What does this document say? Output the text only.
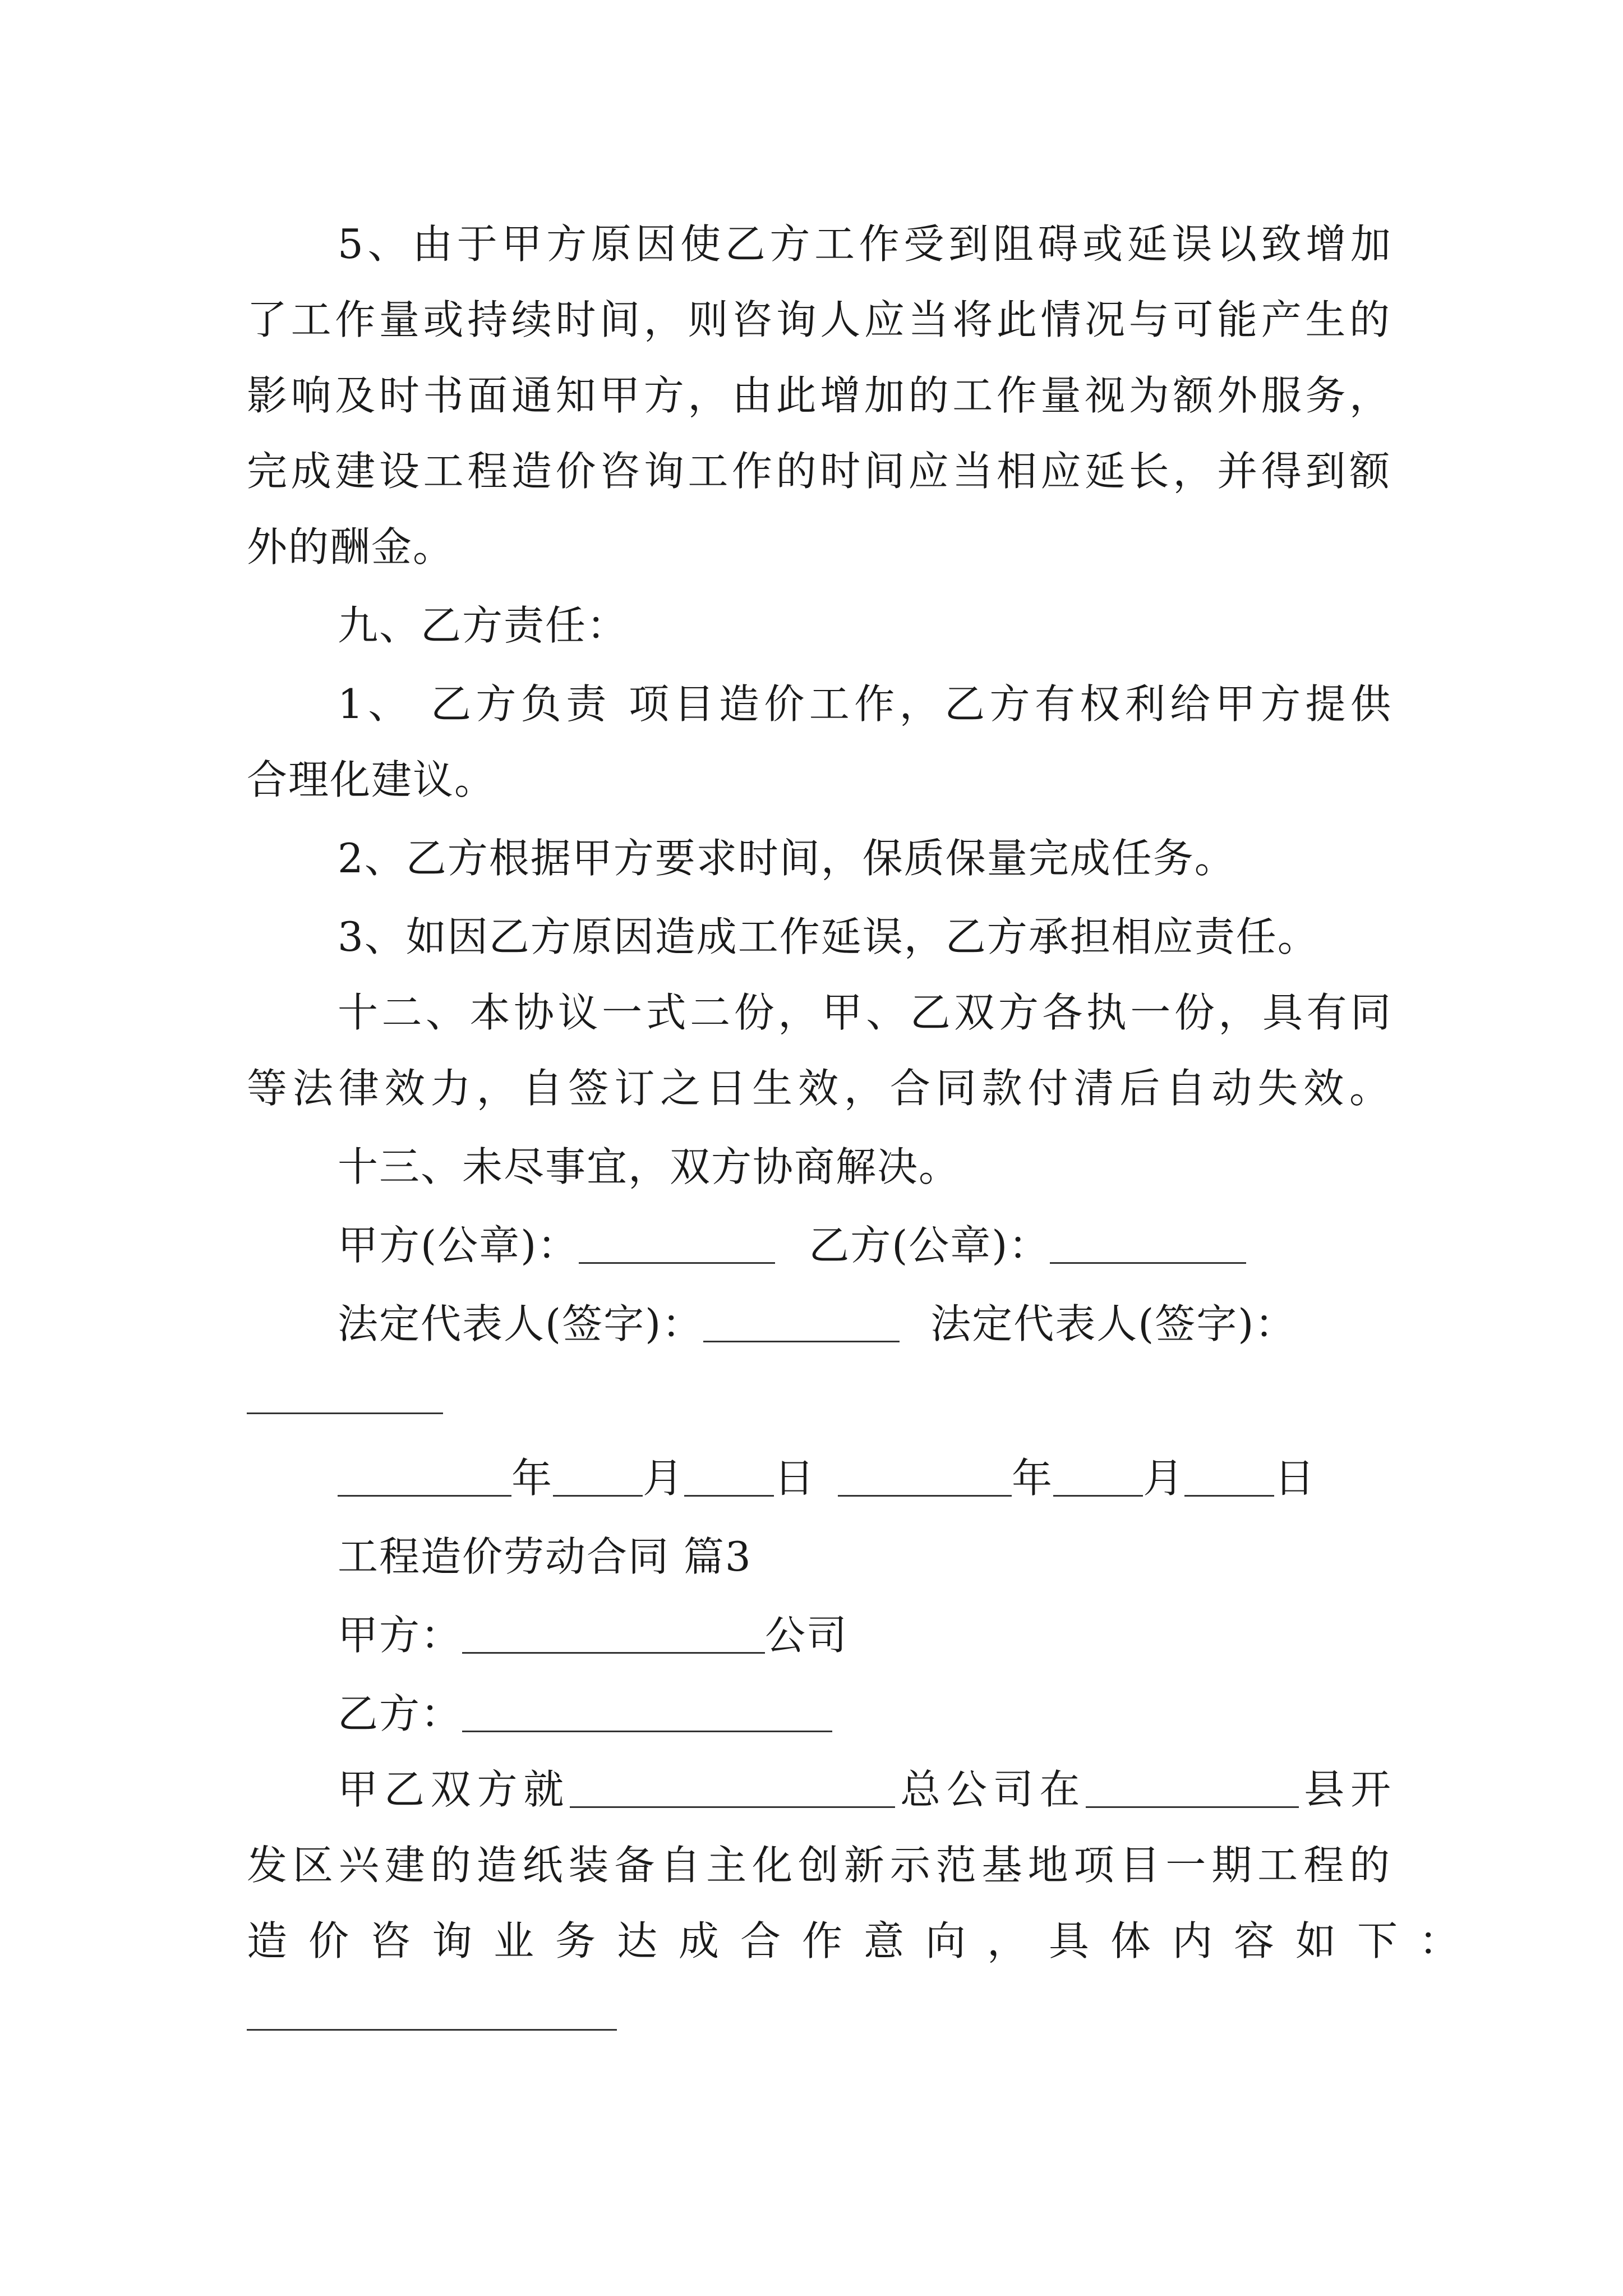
5、由于甲方原因使乙方工作受到阻碍或延误以致增加
了工作量或持续时间，则咨询人应当将此情况与可能产生的
影响及时书面通知甲方，由此增加的工作量视为额外服务，
完成建设工程造价咨询工作的时间应当相应延长，并得到额
外的酬金。
九、乙方责任：
1、 乙方负责 项目造价工作，乙方有权利给甲方提供
合理化建议。
2、乙方根据甲方要求时间，保质保量完成任务。
3、如因乙方原因造成工作延误，乙方承担相应责任。
十二、本协议一式二份，甲、乙双方各执一份，具有同
等法律效力，自签订之日生效，合同款付清后自动失效。
十三、未尽事宜，双方协商解决。
甲方(公章)：	乙方(公章)：
法定代表人(签字)：	法定代表人(签字)：
年 月 日	年 月 日
工程造价劳动合同 篇3
甲方：	公司
乙方：
甲乙双方就	总公司在	县开
发区兴建的造纸装备自主化创新示范基地项目一期工程的
造价咨询业务达成合作意向，具体内容如下：
